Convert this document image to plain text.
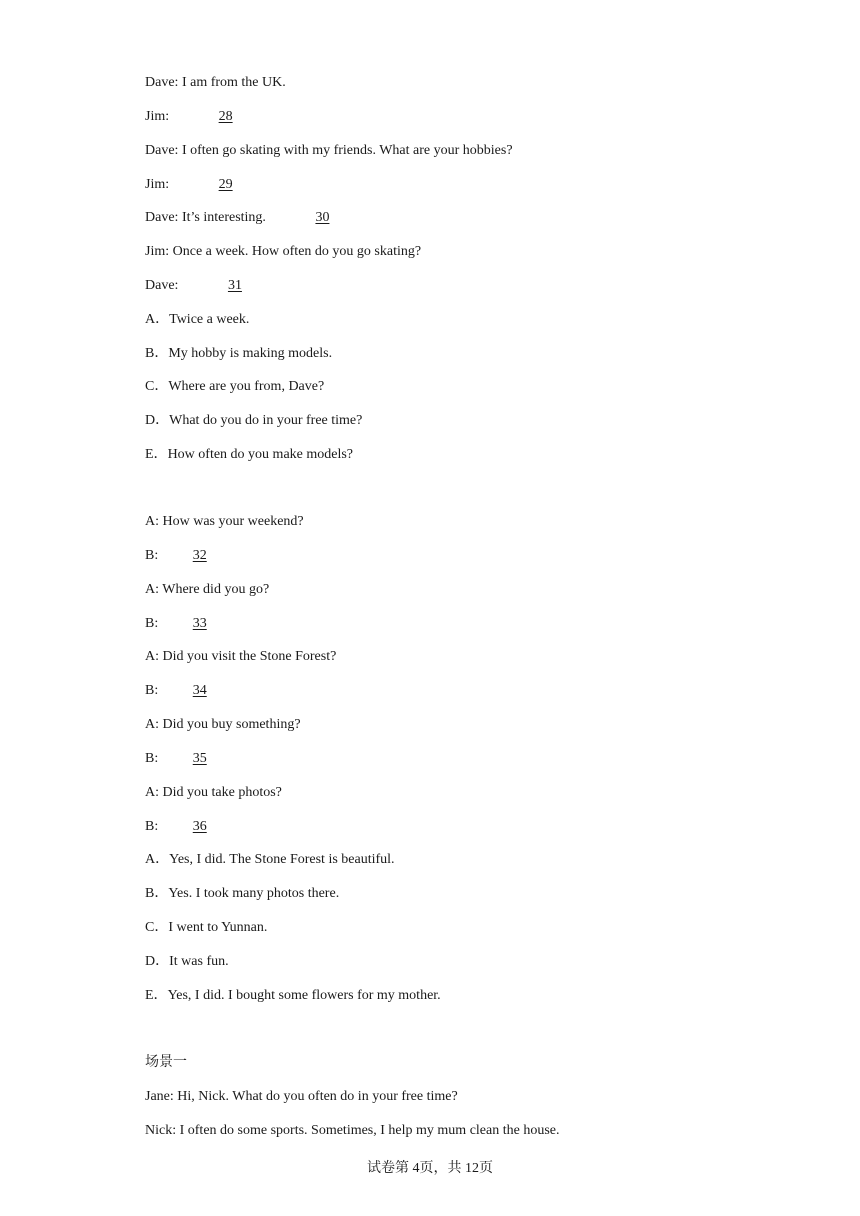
Dave: I am from the UK.
Jim:	28
Dave: I often go skating with my friends. What are your hobbies?
Jim:	29
Dave: It’s interesting.	30
Jim: Once a week. How often do you go skating?
Dave:	31
A．Twice a week.
B．My hobby is making models.
C．Where are you from, Dave?
D．What do you do in your free time?
E．How often do you make models?
A: How was your weekend?
B: 32
A: Where did you go?
B: 33
A: Did you visit the Stone Forest?
B: 34
A: Did you buy something?
B: 35
A: Did you take photos?
B: 36
A．Yes, I did. The Stone Forest is beautiful.
B．Yes. I took many photos there.
C．I went to Yunnan.
D．It was fun.
E．Yes, I did. I bought some flowers for my mother.
场景一
Jane: Hi, Nick. What do you often do in your free time?
Nick: I often do some sports. Sometimes, I help my mum clean the house.
试卷第 4页，共 12页
